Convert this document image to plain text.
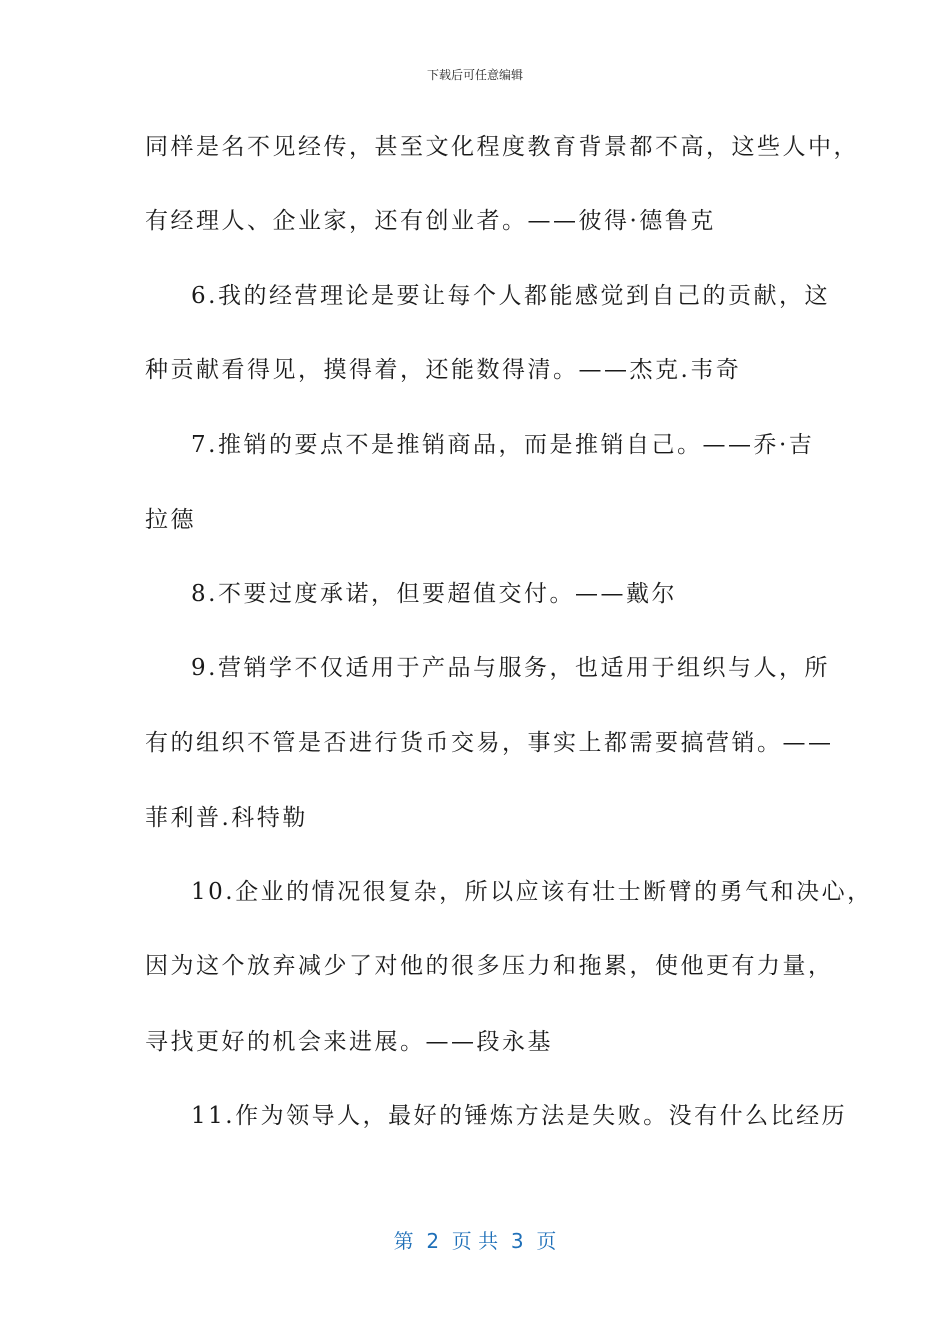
下载后可任意编辑
同样是名不见经传，甚至文化程度教育背景都不高，这些人中，
有经理人、企业家，还有创业者。——彼得·德鲁克
6.我的经营理论是要让每个人都能感觉到自己的贡献，这
种贡献看得见，摸得着，还能数得清。——杰克.韦奇
7.推销的要点不是推销商品，而是推销自己。——乔·吉
拉德
8.不要过度承诺，但要超值交付。——戴尔
9.营销学不仅适用于产品与服务，也适用于组织与人，所
有的组织不管是否进行货币交易，事实上都需要搞营销。——
菲利普.科特勒
10.企业的情况很复杂，所以应该有壮士断臂的勇气和决心，
因为这个放弃减少了对他的很多压力和拖累，使他更有力量，
寻找更好的机会来进展。——段永基
11.作为领导人，最好的锤炼方法是失败。没有什么比经历
第  2  页 共  3  页
